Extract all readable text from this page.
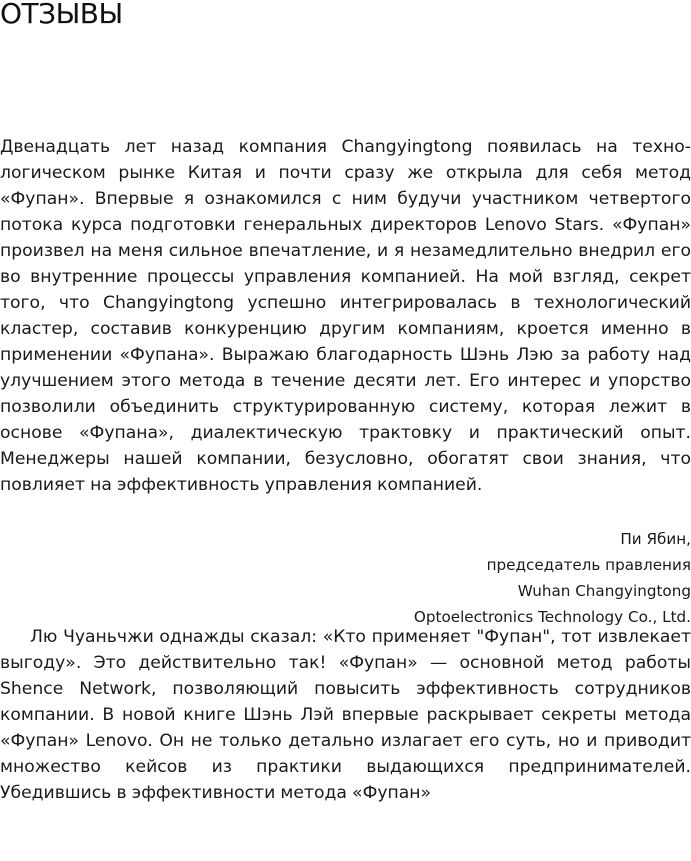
ОТЗЫВЫ

Двенадцать лет назад компания Changyingtong появилась на технологическом рынке Китая и почти сразу же открыла для себя метод «Фупан». Впервые я ознакомился с ним будучи участником четвертого потока курса подготовки генеральных директоров Lenovo Stars. «Фупан» произвел на меня сильное впечатление, и я незамедлительно внедрил его во внутренние процессы управления компанией. На мой взгляд, секрет того, что Changyingtong успешно интегрировалась в технологический кластер, составив конкуренцию другим компаниям, кроется именно в применении «Фупана». Выражаю благодарность Шэнь Лэю за работу над улучшением этого метода в течение десяти лет. Его интерес и упорство позволили объединить структурированную систему, которая лежит в основе «Фупана», диалектическую трактовку и практический опыт. Менеджеры нашей компании, безусловно, обогатят свои знания, что повлияет на эффективность управления компанией.

Пи Ябин,
председатель правления
Wuhan Changyingtong
Optoelectronics Technology Co., Ltd.

Лю Чуаньчжи однажды сказал: «Кто применяет "Фупан", тот извлекает выгоду». Это действительно так! «Фупан» — основной метод работы Shence Network, позволяющий повысить эффективность сотрудников компании. В новой книге Шэнь Лэй впервые раскрывает секреты метода «Фупан» Lenovo. Он не только детально излагает его суть, но и приводит множество кейсов из практики выдающихся предпринимателей. Убедившись в эффективности метода «Фупан»
